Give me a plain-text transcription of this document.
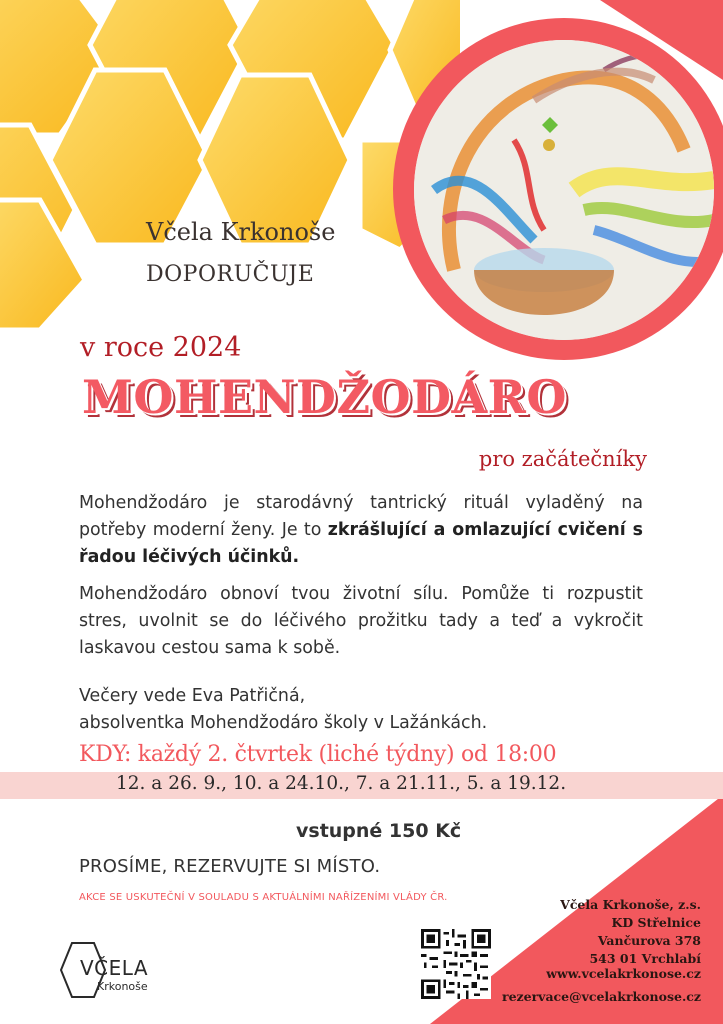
Včela Krkonoše
DOPORUČUJE
v roce 2024
MOHENDŽODÁRO
pro začátečníky
Mohendžodáro je starodávný tantrický rituál vyladěný na potřeby moderní ženy. Je to zkrášlující a omlazující cvičení s řadou léčivých účinků.
Mohendžodáro obnoví tvou životní sílu. Pomůže ti rozpustit stres, uvolnit se do léčivého prožitku tady a teď a vykročit laskavou cestou sama k sobě.
Večery vede Eva Patřičná,
absolventka Mohendžodáro školy v Lažánkách.
KDY: každý 2. čtvrtek (liché týdny) od 18:00
12. a 26. 9., 10. a 24.10., 7. a 21.11., 5. a 19.12.
vstupné 150 Kč
PROSÍME, REZERVUJTE SI MÍSTO.
AKCE SE USKUTEČNÍ V SOULADU S AKTUÁLNÍMI NAŘÍZENÍMI VLÁDY ČR.	Včela Krkonoše, z.s.
KD Střelnice
Vančurova 378
543 01 Vrchlabí
www.vcelakrkonose.cz
rezervace@vcelakrkonose.cz
VČELA
Krkonoše
